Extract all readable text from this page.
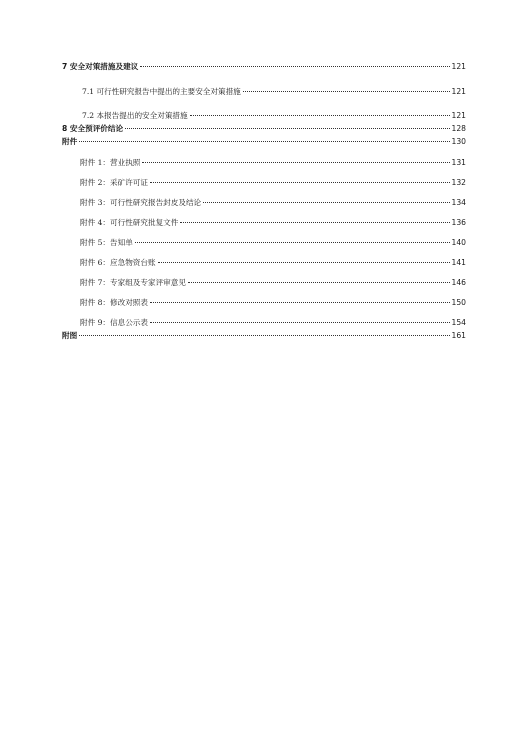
7 安全对策措施及建议	121
7.1 可行性研究报告中提出的主要安全对策措施	121
7.2 本报告提出的安全对策措施	121
8 安全预评价结论	128
附件	130
附件 1：营业执照	131
附件 2：采矿许可证	132
附件 3：可行性研究报告封皮及结论	134
附件 4：可行性研究批复文件	136
附件 5：告知单	140
附件 6：应急物资台账	141
附件 7：专家组及专家评审意见	146
附件 8：修改对照表	150
附件 9：信息公示表	154
附图	161
